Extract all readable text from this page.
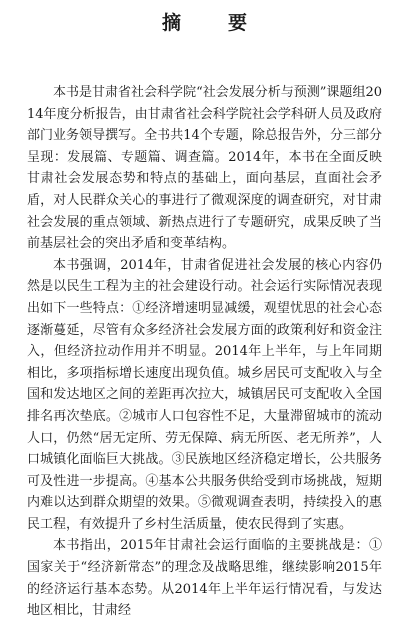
摘　要

本书是甘肃省社会科学院“社会发展分析与预测”课题组2014年度分析报告，由甘肃省社会科学院社会学科研人员及政府部门业务领导撰写。全书共14个专题，除总报告外，分三部分呈现：发展篇、专题篇、调查篇。2014年，本书在全面反映甘肃社会发展态势和特点的基础上，面向基层，直面社会矛盾，对人民群众关心的事进行了微观深度的调查研究，对甘肃社会发展的重点领域、新热点进行了专题研究，成果反映了当前基层社会的突出矛盾和变革结构。

本书强调，2014年，甘肃省促进社会发展的核心内容仍然是以民生工程为主的社会建设行动。社会运行实际情况表现出如下一些特点：①经济增速明显减缓，观望忧思的社会心态逐渐蔓延，尽管有众多经济社会发展方面的政策利好和资金注入，但经济拉动作用并不明显。2014年上半年，与上年同期相比，多项指标增长速度出现负值。城乡居民可支配收入与全国和发达地区之间的差距再次拉大，城镇居民可支配收入全国排名再次垫底。②城市人口包容性不足，大量滞留城市的流动人口，仍然“居无定所、劳无保障、病无所医、老无所养”，人口城镇化面临巨大挑战。③民族地区经济稳定增长，公共服务可及性进一步提高。④基本公共服务供给受到市场挑战，短期内难以达到群众期望的效果。⑤微观调查表明，持续投入的惠民工程，有效提升了乡村生活质量，使农民得到了实惠。

本书指出，2015年甘肃社会运行面临的主要挑战是：①国家关于“经济新常态”的理念及战略思维，继续影响2015年的经济运行基本态势。从2014年上半年运行情况看，与发达地区相比，甘肃经
